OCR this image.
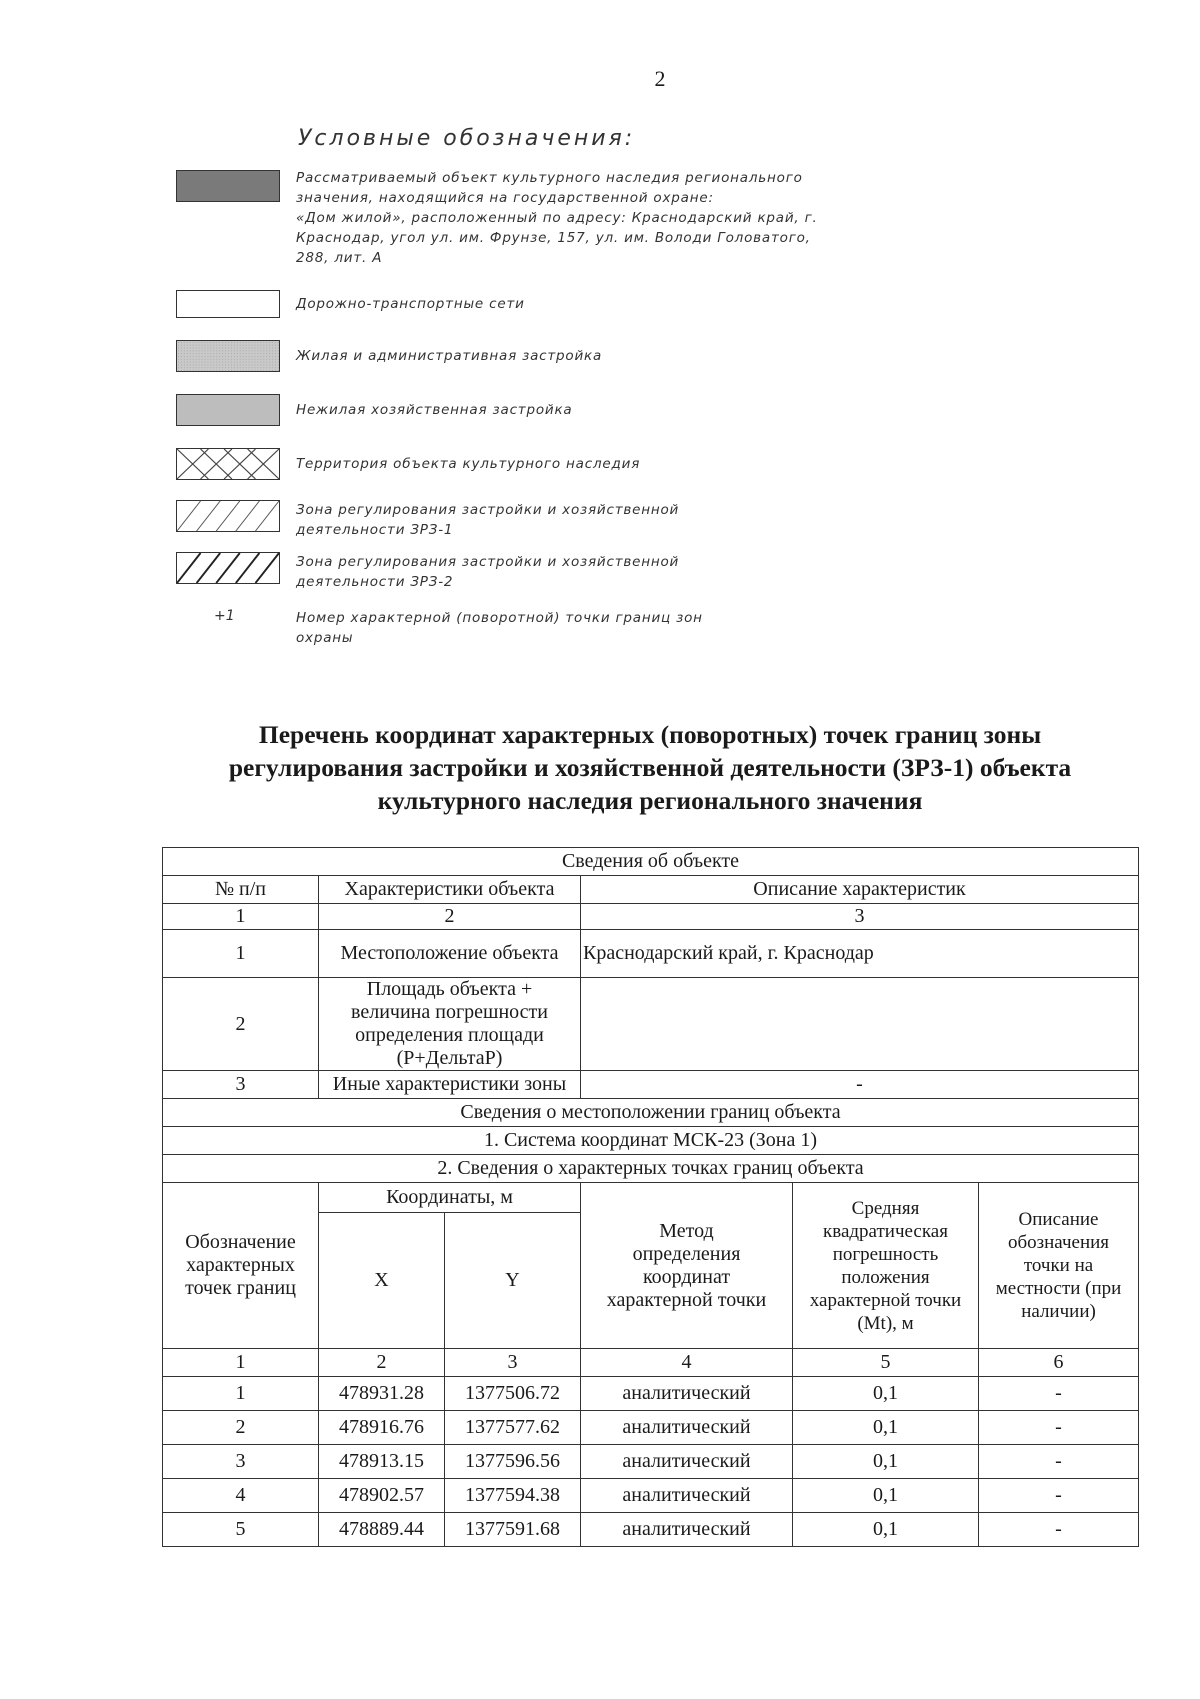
2
Условные обозначения:
Рассматриваемый объект культурного наследия регионального
значения, находящийся на государственной охране:
«Дом жилой», расположенный по адресу: Краснодарский край, г.
Краснодар, угол ул. им. Фрунзе, 157, ул. им. Володи Головатого,
288, лит. А
Дорожно-транспортные сети
Жилая и административная застройка
Нежилая хозяйственная застройка
Территория объекта культурного наследия
Зона регулирования застройки и хозяйственной
деятельности ЗРЗ-1
Зона регулирования застройки и хозяйственной
деятельности ЗРЗ-2
+1	Номер характерной (поворотной) точки границ зон
охраны
Перечень координат характерных (поворотных) точек границ зоны
регулирования застройки и хозяйственной деятельности (ЗРЗ-1) объекта
культурного наследия регионального значения
Сведения об объекте					
№ п/п	Характеристики объекта		Описание характеристик		
1	2		3		
1	Местоположение объекта		Краснодарский край, г. Краснодар		
2	Площадь объекта + величина погрешности определения площади (Р+ДельтаР)				
3	Иные характеристики зоны		-		
Сведения о местоположении границ объекта					
1. Система координат МСК-23 (Зона 1)					
2. Сведения о характерных точках границ объекта					
Обозначение характерных точек границ	Координаты, м		Метод определения координат характерной точки	Средняя квадратическая погрешность положения характерной точки (Mt), м	Описание обозначения точки на местности (при наличии)
	X	Y			
1	2	3	4	5	6
1	478931.28	1377506.72	аналитический	0,1	-
2	478916.76	1377577.62	аналитический	0,1	-
3	478913.15	1377596.56	аналитический	0,1	-
4	478902.57	1377594.38	аналитический	0,1	-
5	478889.44	1377591.68	аналитический	0,1	-
